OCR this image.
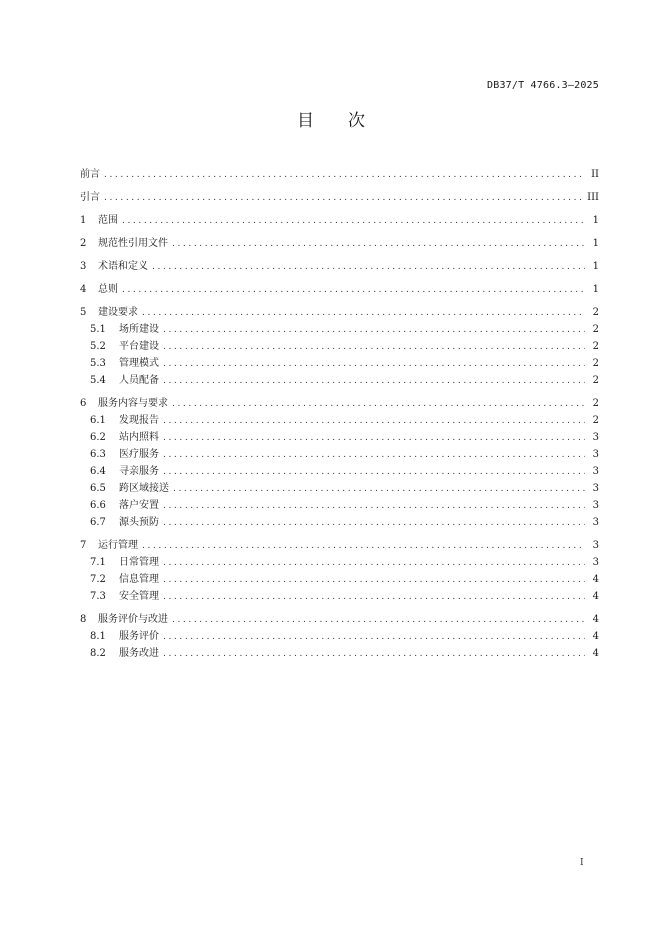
DB37/T 4766.3—2025
目　　次
前言 .....	II
引言 .....	III
1 范围 .....	1
2 规范性引用文件 .....	1
3 术语和定义 .....	1
4 总则 .....	1
5 建设要求 .....	2
5.1 场所建设 .....	2
5.2 平台建设 .....	2
5.3 管理模式 .....	2
5.4 人员配备 .....	2
6 服务内容与要求 .....	2
6.1 发现报告 .....	2
6.2 站内照料 .....	3
6.3 医疗服务 .....	3
6.4 寻亲服务 .....	3
6.5 跨区域接送 .....	3
6.6 落户安置 .....	3
6.7 源头预防 .....	3
7 运行管理 .....	3
7.1 日常管理 .....	3
7.2 信息管理 .....	4
7.3 安全管理 .....	4
8 服务评价与改进 .....	4
8.1 服务评价 .....	4
8.2 服务改进 .....	4
I
